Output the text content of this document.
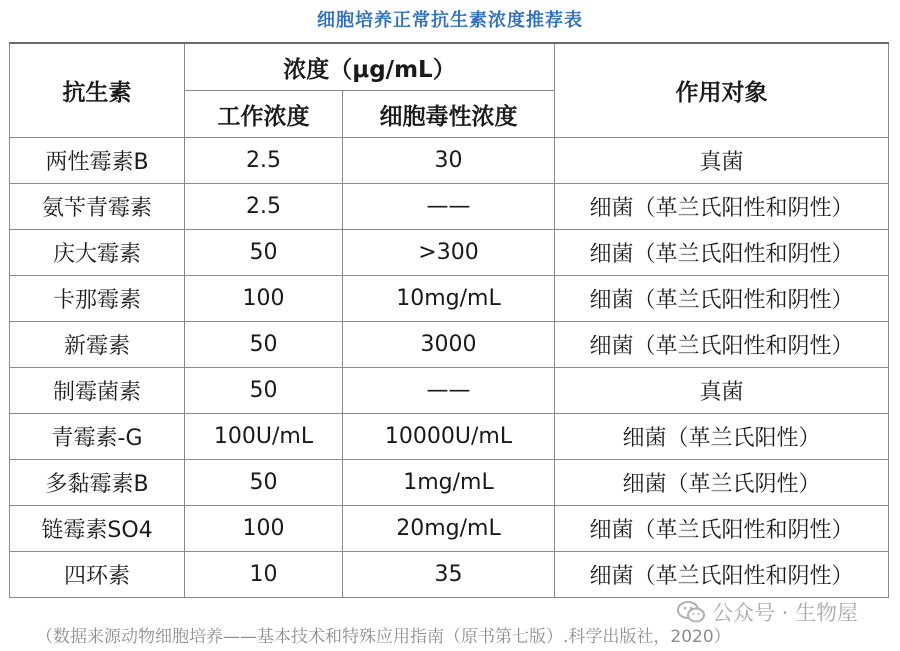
细胞培养正常抗生素浓度推荐表
抗生素	浓度（μg/mL）		作用对象
	工作浓度	细胞毒性浓度	
两性霉素B	2.5	30	真菌
氨苄青霉素	2.5	——	细菌（革兰氏阳性和阴性）
庆大霉素	50	>300	细菌（革兰氏阳性和阴性）
卡那霉素	100	10mg/mL	细菌（革兰氏阳性和阴性）
新霉素	50	3000	细菌（革兰氏阳性和阴性）
制霉菌素	50	——	真菌
青霉素-G	100U/mL	10000U/mL	细菌（革兰氏阳性）
多黏霉素B	50	1mg/mL	细菌（革兰氏阴性）
链霉素SO4	100	20mg/mL	细菌（革兰氏阳性和阴性）
四环素	10	35	细菌（革兰氏阳性和阴性）
（数据来源动物细胞培养——基本技术和特殊应用指南（原书第七版）.科学出版社，2020）
公众号 · 生物屋
